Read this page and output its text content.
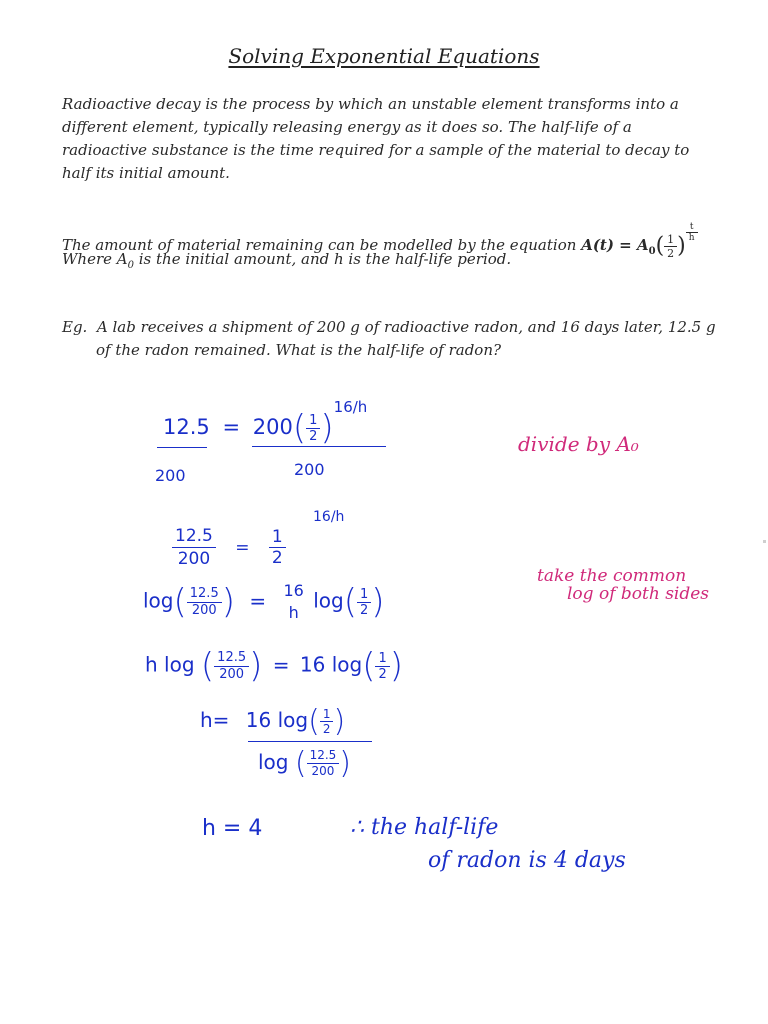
Solving Exponential Equations
Radioactive decay is the process by which an unstable element transforms into a different element, typically releasing energy as it does so. The half-life of a radioactive substance is the time required for a sample of the material to decay to half its initial amount.
The amount of material remaining can be modelled by the equation $A(t) = A_0( \frac{1}{2}$ )
$^{\frac{t}{h}}$
Where $A_0$ is the initial amount, and h is the half-life period.
Eg. A lab receives a shipment of 200 g of radioactive radon, and 16 days later, 12.5 g
of the radon remained. What is the half-life of radon?
$12.5 = 200( \frac{1}{2} )^{16/h}$
200	200
divide by A₀
16/h
$\frac{12.5}{200} = \frac{1}{2}$
take the common
log of both sides
$\log( \frac{12.5}{200}$ ) = 16
h $\log( \frac{1}{2}$ )
h log ( $\frac{12.5}{200}$ ) = 16 $\log( \frac{1}{2}$ )
h= 16 $\log( \frac{1}{2}$ )
log ( $\frac{12.5}{200}$ )
h = 4	∴ the half-life
of radon is 4 days
